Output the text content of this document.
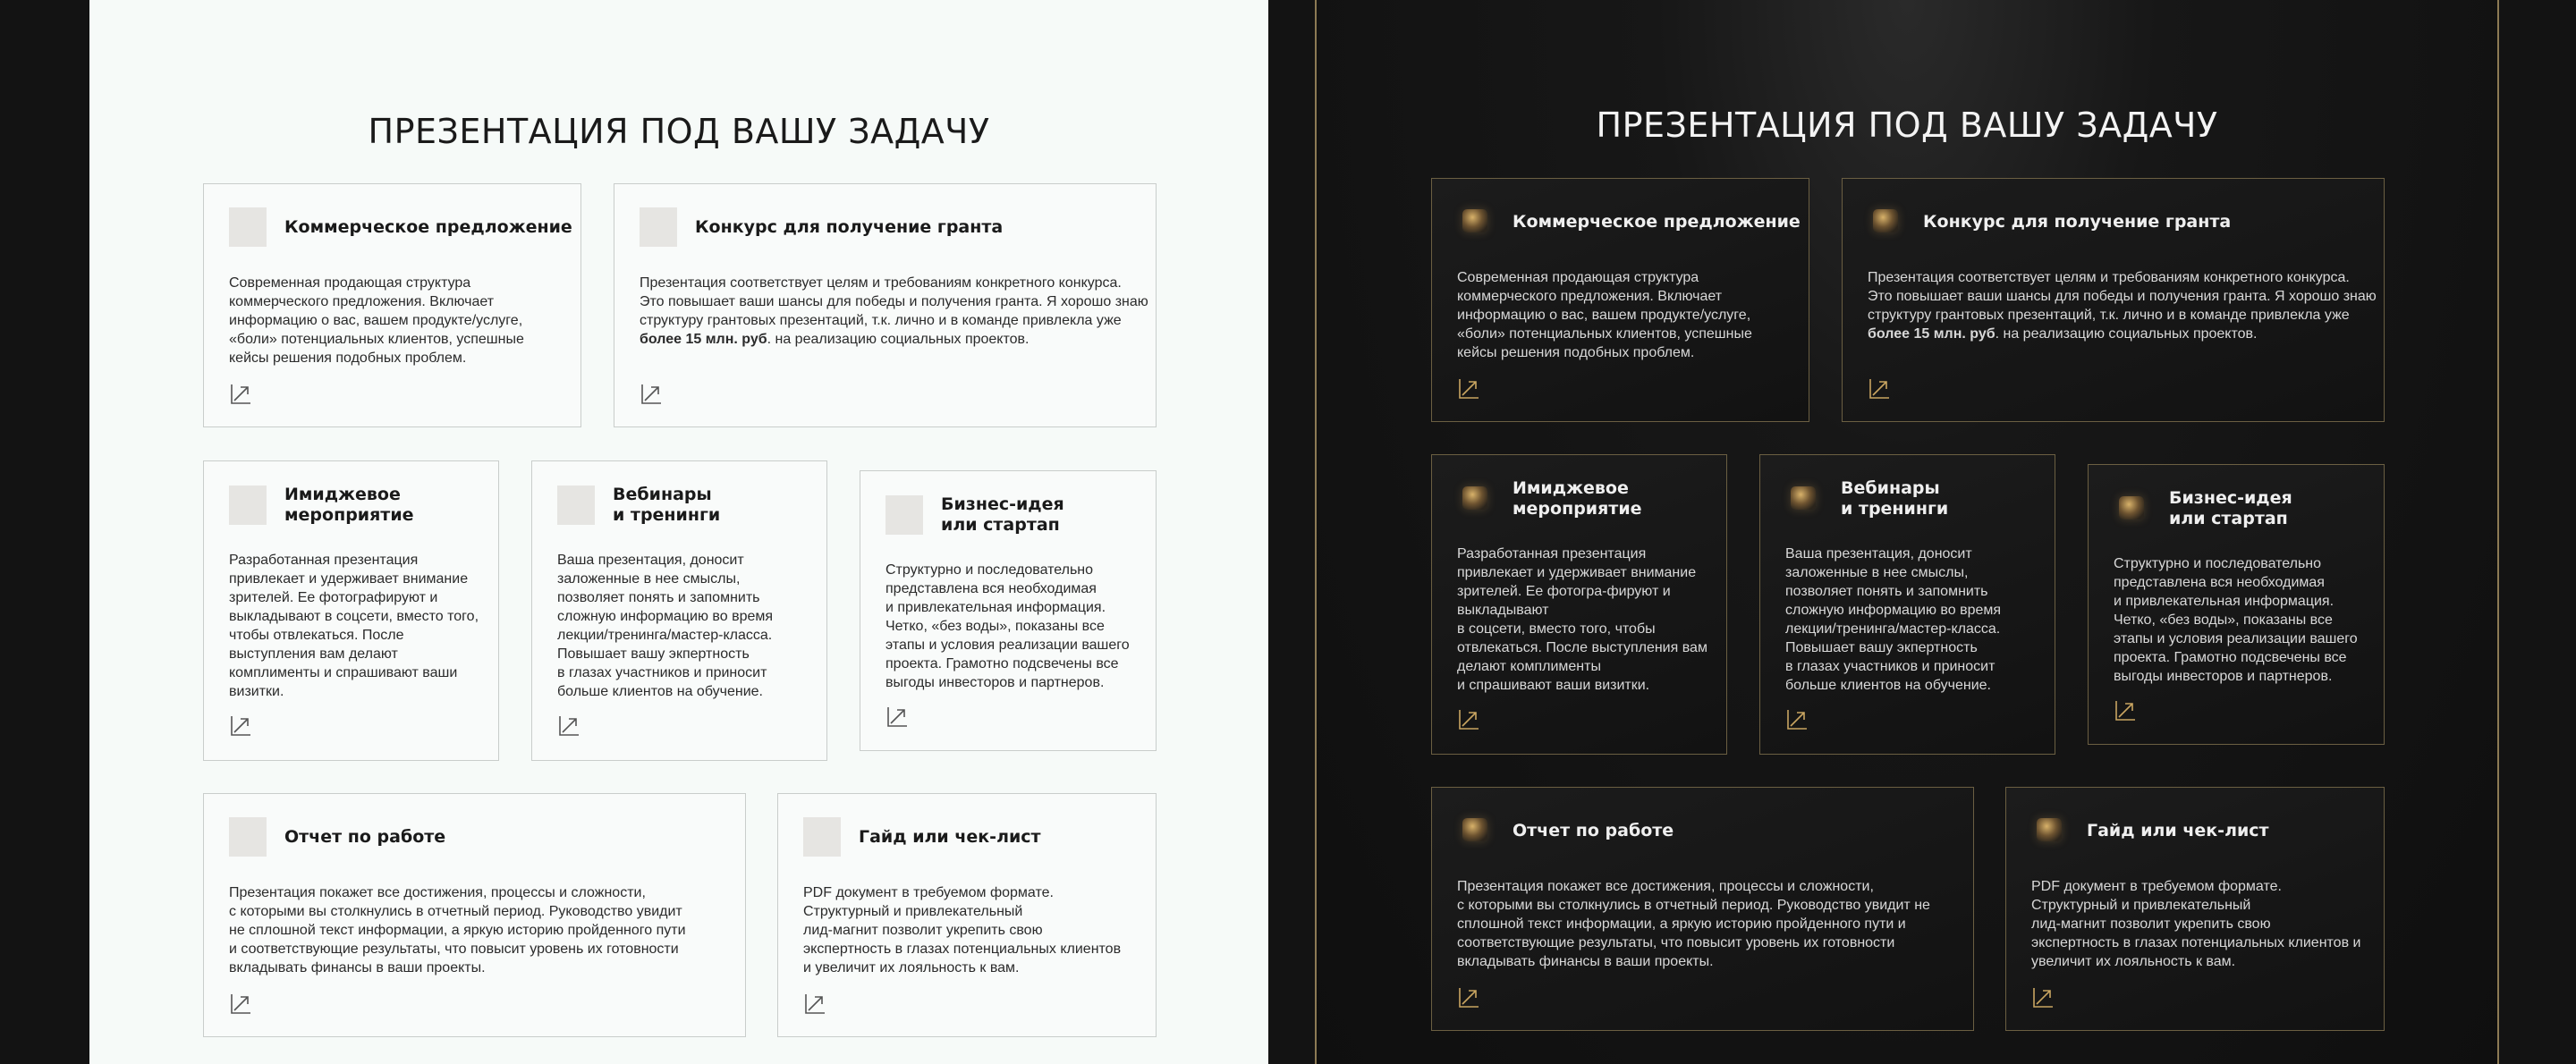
ПРЕЗЕНТАЦИЯ ПОД ВАШУ ЗАДАЧУ
Коммерческое предложение

Современная продающая структура
коммерческого предложения. Включает
информацию о вас, вашем продукте/услуге,
«боли» потенциальных клиентов, успешные
кейсы решения подобных проблем.

Конкурс для получение гранта

Презентация соответствует целям и требованиям конкретного конкурса.
Это повышает ваши шансы для победы и получения гранта. Я хорошо знаю
структуру грантовых презентаций, т.к. лично и в команде привлекла уже
более 15 млн. руб. на реализацию социальных проектов.

Имиджевое
мероприятие

Разработанная презентация
привлекает и удерживает внимание
зрителей. Ее фотографируют и
выкладывают в соцсети, вместо того,
чтобы отвлекаться. После
выступления вам делают
комплименты и спрашивают ваши
визитки.

Вебинары
и тренинги

Ваша презентация, доносит
заложенные в нее смыслы,
позволяет понять и запомнить
сложную информацию во время
лекции/тренинга/мастер-класса.
Повышает вашу экпертность
в глазах участников и приносит
больше клиентов на обучение.

Бизнес-идея
или стартап

Структурно и последовательно
представлена вся необходимая
и привлекательная информация.
Четко, «без воды», показаны все
этапы и условия реализации вашего
проекта. Грамотно подсвечены все
выгоды инвесторов и партнеров.

Отчет по работе

Презентация покажет все достижения, процессы и сложности,
с которыми вы столкнулись в отчетный период. Руководство увидит
не сплошной текст информации, а яркую историю пройденного пути
и соответствующие результаты, что повысит уровень их готовности
вкладывать финансы в ваши проекты.

Гайд или чек-лист

PDF документ в требуемом формате.
Структурный и привлекательный
лид-магнит позволит укрепить свою
экспертность в глазах потенциальных клиентов
и увеличит их лояльность к вам.

ПРЕЗЕНТАЦИЯ ПОД ВАШУ ЗАДАЧУ
Коммерческое предложение

Современная продающая структура
коммерческого предложения. Включает
информацию о вас, вашем продукте/услуге,
«боли» потенциальных клиентов, успешные
кейсы решения подобных проблем.

Конкурс для получение гранта

Презентация соответствует целям и требованиям конкретного конкурса.
Это повышает ваши шансы для победы и получения гранта. Я хорошо знаю
структуру грантовых презентаций, т.к. лично и в команде привлекла уже
более 15 млн. руб. на реализацию социальных проектов.

Имиджевое
мероприятие

Разработанная презентация
привлекает и удерживает внимание
зрителей. Ее фотогра-фируют и
выкладывают
в соцсети, вместо того, чтобы
отвлекаться. После выступления вам
делают комплименты
и спрашивают ваши визитки.

Вебинары
и тренинги

Ваша презентация, доносит
заложенные в нее смыслы,
позволяет понять и запомнить
сложную информацию во время
лекции/тренинга/мастер-класса.
Повышает вашу экпертность
в глазах участников и приносит
больше клиентов на обучение.

Бизнес-идея
или стартап

Структурно и последовательно
представлена вся необходимая
и привлекательная информация.
Четко, «без воды», показаны все
этапы и условия реализации вашего
проекта. Грамотно подсвечены все
выгоды инвесторов и партнеров.

Отчет по работе

Презентация покажет все достижения, процессы и сложности,
с которыми вы столкнулись в отчетный период. Руководство увидит не
сплошной текст информации, а яркую историю пройденного пути и
соответствующие результаты, что повысит уровень их готовности
вкладывать финансы в ваши проекты.

Гайд или чек-лист

PDF документ в требуемом формате.
Структурный и привлекательный
лид-магнит позволит укрепить свою
экспертность в глазах потенциальных клиентов и
увеличит их лояльность к вам.
